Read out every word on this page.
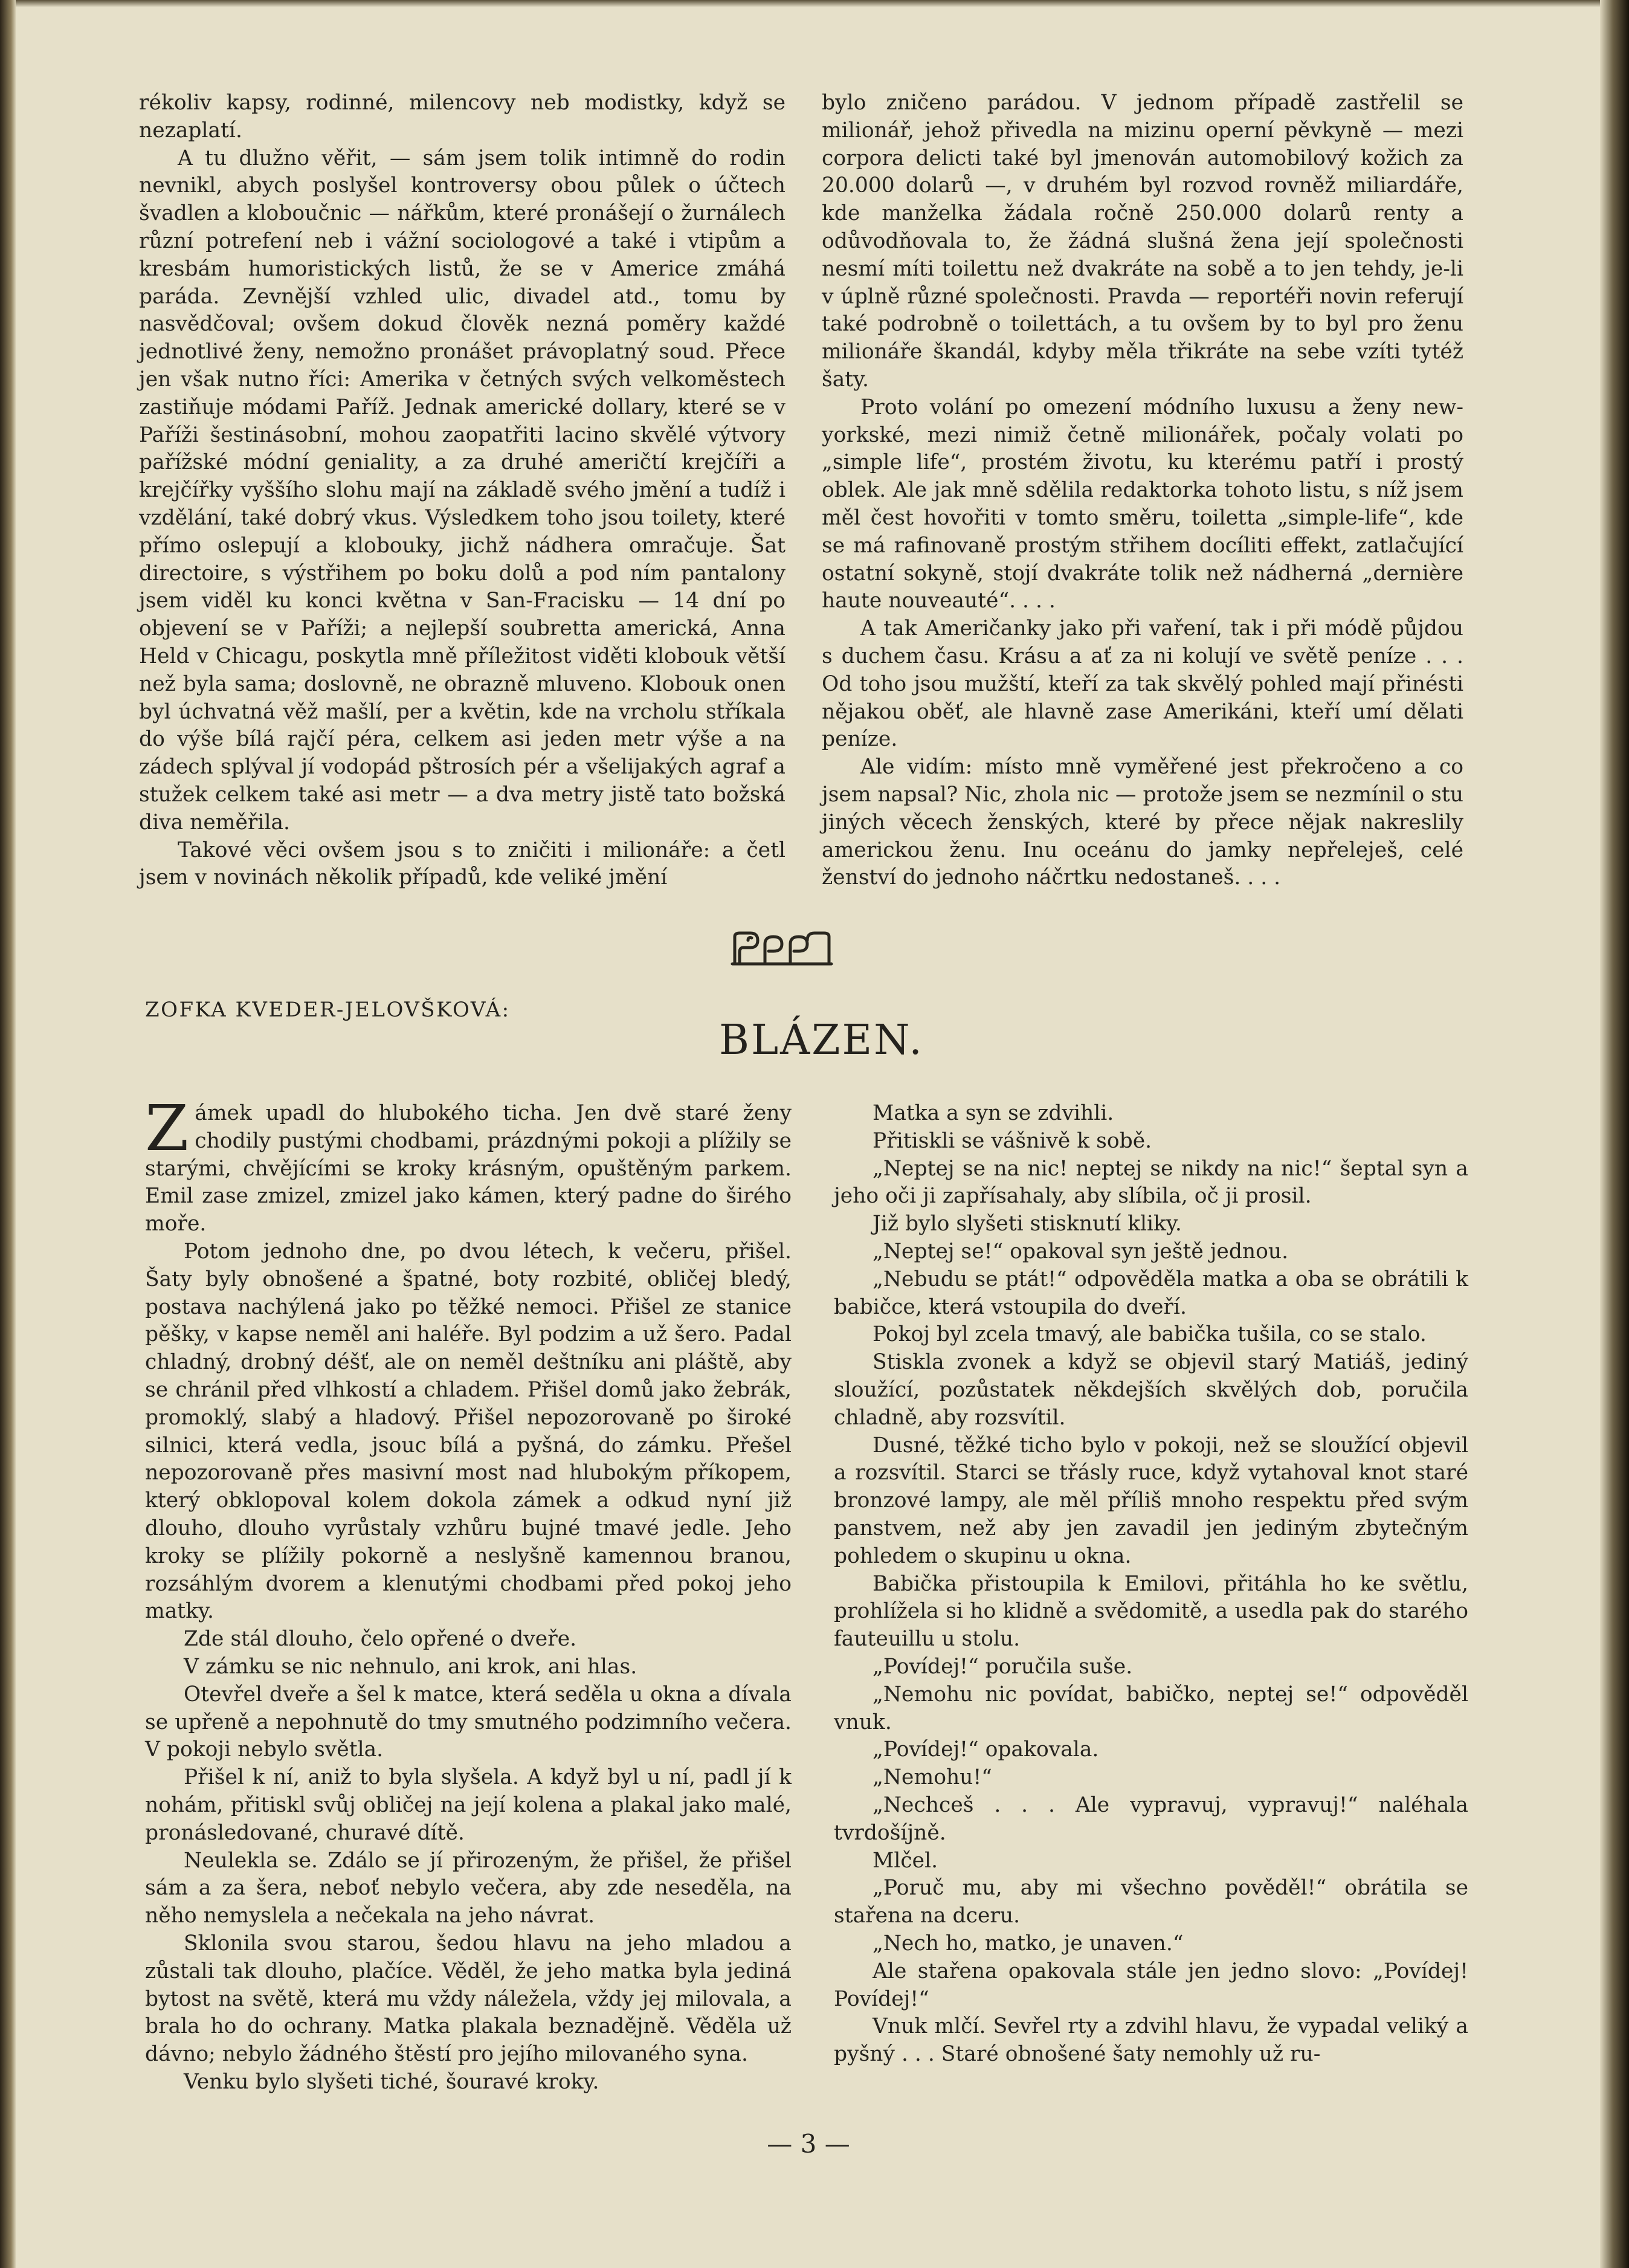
rékoliv kapsy, rodinné, milencovy neb modistky, když se nezaplatí.

A tu dlužno věřit, — sám jsem tolik intimně do rodin nevnikl, abych poslyšel kontroversy obou půlek o účtech švadlen a kloboučnic — nářkům, které pronášejí o žurnálech různí potrefení neb i vážní sociologové a také i vtipům a kresbám humoristických listů, že se v Americe zmáhá paráda. Zevnější vzhled ulic, divadel atd., tomu by nasvědčoval; ovšem dokud člověk nezná poměry každé jednotlivé ženy, nemožno pronášet právoplatný soud. Přece jen však nutno říci: Amerika v četných svých velkoměstech zastiňuje módami Paříž. Jednak americké dollary, které se v Paříži šestinásobní, mohou zaopatřiti lacino skvělé výtvory pařížské módní geniality, a za druhé američtí krejčíři a krejčířky vyššího slohu mají na základě svého jmění a tudíž i vzdělání, také dobrý vkus. Výsledkem toho jsou toilety, které přímo oslepují a klobouky, jichž nádhera omračuje. Šat directoire, s výstřihem po boku dolů a pod ním pantalony jsem viděl ku konci května v San-Fracisku — 14 dní po objevení se v Paříži; a nejlepší soubretta americká, Anna Held v Chicagu, poskytla mně příležitost viděti klobouk větší než byla sama; doslovně, ne obrazně mluveno. Klobouk onen byl úchvatná věž mašlí, per a květin, kde na vrcholu stříkala do výše bílá rajčí péra, celkem asi jeden metr výše a na zádech splýval jí vodopád pštrosích pér a všelijakých agraf a stužek celkem také asi metr — a dva metry jistě tato božská diva neměřila.

Takové věci ovšem jsou s to zničiti i milionáře: a četl jsem v novinách několik případů, kde veliké jmění

bylo zničeno parádou. V jednom případě zastřelil se milionář, jehož přivedla na mizinu operní pěvkyně — mezi corpora delicti také byl jmenován automobilový kožich za 20.000 dolarů —, v druhém byl rozvod rovněž miliardáře, kde manželka žádala ročně 250.000 dolarů renty a odůvodňovala to, že žádná slušná žena její společnosti nesmí míti toilettu než dvakráte na sobě a to jen tehdy, je-li v úplně různé společnosti. Pravda — reportéři novin referují také podrobně o toilettách, a tu ovšem by to byl pro ženu milionáře škandál, kdyby měla třikráte na sebe vzíti tytéž šaty.

Proto volání po omezení módního luxusu a ženy new-yorkské, mezi nimiž četně milionářek, počaly volati po „simple life“, prostém životu, ku kterému patří i prostý oblek. Ale jak mně sdělila redaktorka tohoto listu, s níž jsem měl čest hovořiti v tomto směru, toiletta „simple-life“, kde se má rafinovaně prostým střihem docíliti effekt, zatlačující ostatní sokyně, stojí dvakráte tolik než nádherná „dernière haute nouveauté“. . . .

A tak Američanky jako při vaření, tak i při módě půjdou s duchem času. Krásu a ať za ni kolují ve světě peníze . . . Od toho jsou mužští, kteří za tak skvělý pohled mají přinésti nějakou oběť, ale hlavně zase Amerikáni, kteří umí dělati peníze.

Ale vidím: místo mně vyměřené jest překročeno a co jsem napsal? Nic, zhola nic — protože jsem se nezmínil o stu jiných věcech ženských, které by přece nějak nakreslily americkou ženu. Inu oceánu do jamky nepřeleješ, celé ženství do jednoho náčrtku nedostaneš. . . .

ZOFKA KVEDER-JELOVŠKOVÁ:
BLÁZEN.

Zámek upadl do hlubokého ticha. Jen dvě staré ženy chodily pustými chodbami, prázdnými pokoji a plížily se starými, chvějícími se kroky krásným, opuštěným parkem. Emil zase zmizel, zmizel jako kámen, který padne do širého moře.

Potom jednoho dne, po dvou létech, k večeru, přišel. Šaty byly obnošené a špatné, boty rozbité, obličej bledý, postava nachýlená jako po těžké nemoci. Přišel ze stanice pěšky, v kapse neměl ani haléře. Byl podzim a už šero. Padal chladný, drobný déšť, ale on neměl deštníku ani pláště, aby se chránil před vlhkostí a chladem. Přišel domů jako žebrák, promoklý, slabý a hladový. Přišel nepozorovaně po široké silnici, která vedla, jsouc bílá a pyšná, do zámku. Přešel nepozorovaně přes masivní most nad hlubokým příkopem, který obklopoval kolem dokola zámek a odkud nyní již dlouho, dlouho vyrůstaly vzhůru bujné tmavé jedle. Jeho kroky se plížily pokorně a neslyšně kamennou branou, rozsáhlým dvorem a klenutými chodbami před pokoj jeho matky.

Zde stál dlouho, čelo opřené o dveře.

V zámku se nic nehnulo, ani krok, ani hlas.

Otevřel dveře a šel k matce, která seděla u okna a dívala se upřeně a nepohnutě do tmy smutného podzimního večera. V pokoji nebylo světla.

Přišel k ní, aniž to byla slyšela. A když byl u ní, padl jí k nohám, přitiskl svůj obličej na její kolena a plakal jako malé, pronásledované, churavé dítě.

Neulekla se. Zdálo se jí přirozeným, že přišel, že přišel sám a za šera, neboť nebylo večera, aby zde neseděla, na něho nemyslela a nečekala na jeho návrat.

Sklonila svou starou, šedou hlavu na jeho mladou a zůstali tak dlouho, plačíce. Věděl, že jeho matka byla jediná bytost na světě, která mu vždy náležela, vždy jej milovala, a brala ho do ochrany. Matka plakala beznadějně. Věděla už dávno; nebylo žádného štěstí pro jejího milovaného syna.

Venku bylo slyšeti tiché, šouravé kroky.

Matka a syn se zdvihli.

Přitiskli se vášnivě k sobě.

„Neptej se na nic! neptej se nikdy na nic!“ šeptal syn a jeho oči ji zapřísahaly, aby slíbila, oč ji prosil.

Již bylo slyšeti stisknutí kliky.

„Neptej se!“ opakoval syn ještě jednou.

„Nebudu se ptát!“ odpověděla matka a oba se obrátili k babičce, která vstoupila do dveří.

Pokoj byl zcela tmavý, ale babička tušila, co se stalo.

Stiskla zvonek a když se objevil starý Matiáš, jediný sloužící, pozůstatek někdejších skvělých dob, poručila chladně, aby rozsvítil.

Dusné, těžké ticho bylo v pokoji, než se sloužící objevil a rozsvítil. Starci se třásly ruce, když vytahoval knot staré bronzové lampy, ale měl příliš mnoho respektu před svým panstvem, než aby jen zavadil jen jediným zbytečným pohledem o skupinu u okna.

Babička přistoupila k Emilovi, přitáhla ho ke světlu, prohlížela si ho klidně a svědomitě, a usedla pak do starého fauteuillu u stolu.

„Povídej!“ poručila suše.

„Nemohu nic povídat, babičko, neptej se!“ odpověděl vnuk.

„Povídej!“ opakovala.

„Nemohu!“

„Nechceš . . . Ale vypravuj, vypravuj!“ naléhala tvrdošíjně.

Mlčel.

„Poruč mu, aby mi všechno pověděl!“ obrátila se stařena na dceru.

„Nech ho, matko, je unaven.“

Ale stařena opakovala stále jen jedno slovo: „Povídej! Povídej!“

Vnuk mlčí. Sevřel rty a zdvihl hlavu, že vypadal veliký a pyšný . . . Staré obnošené šaty nemohly už ru-

— 3 —
